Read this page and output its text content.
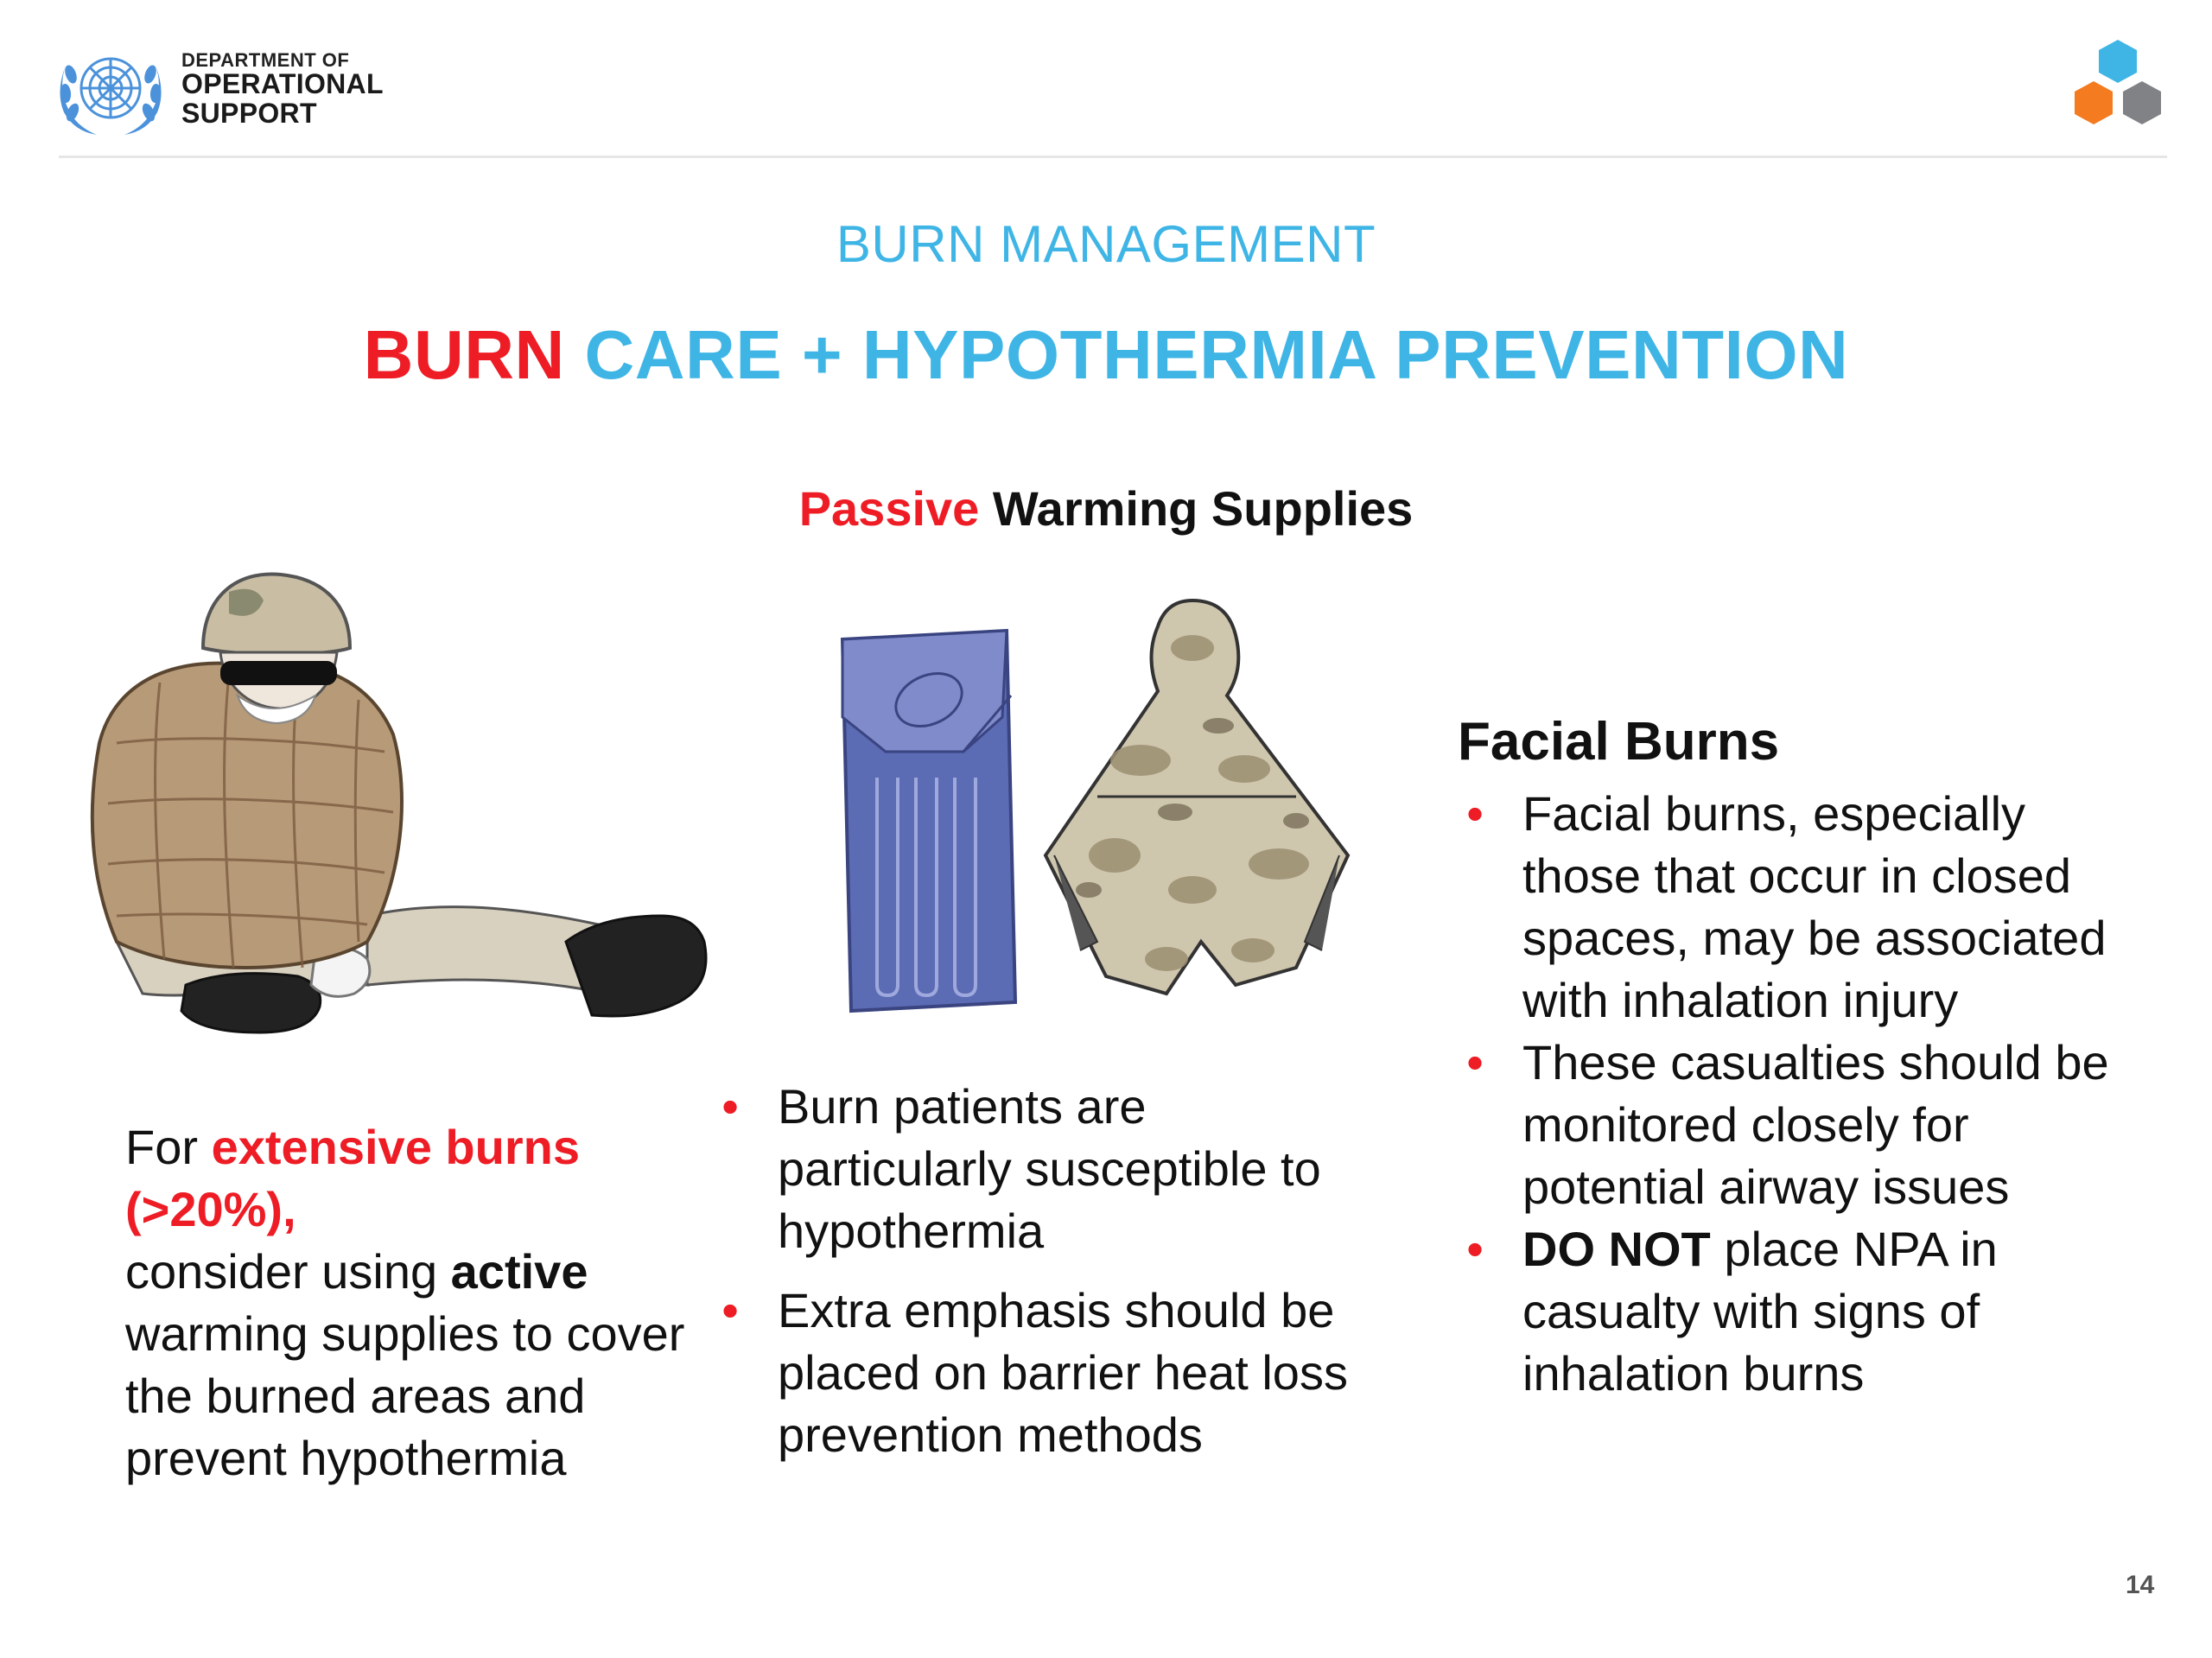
DEPARTMENT OF
OPERATIONAL
SUPPORT
BURN MANAGEMENT
BURN CARE + HYPOTHERMIA PREVENTION
Passive Warming Supplies
For extensive burns
(>20%),
consider using active warming supplies to cover the burned areas and prevent hypothermia
• Burn patients are particularly susceptible to hypothermia
• Extra emphasis should be placed on barrier heat loss prevention methods
Facial Burns
• Facial burns, especially those that occur in closed spaces, may be associated with inhalation injury
• These casualties should be monitored closely for potential airway issues
• DO NOT place NPA in casualty with signs of inhalation burns
14
